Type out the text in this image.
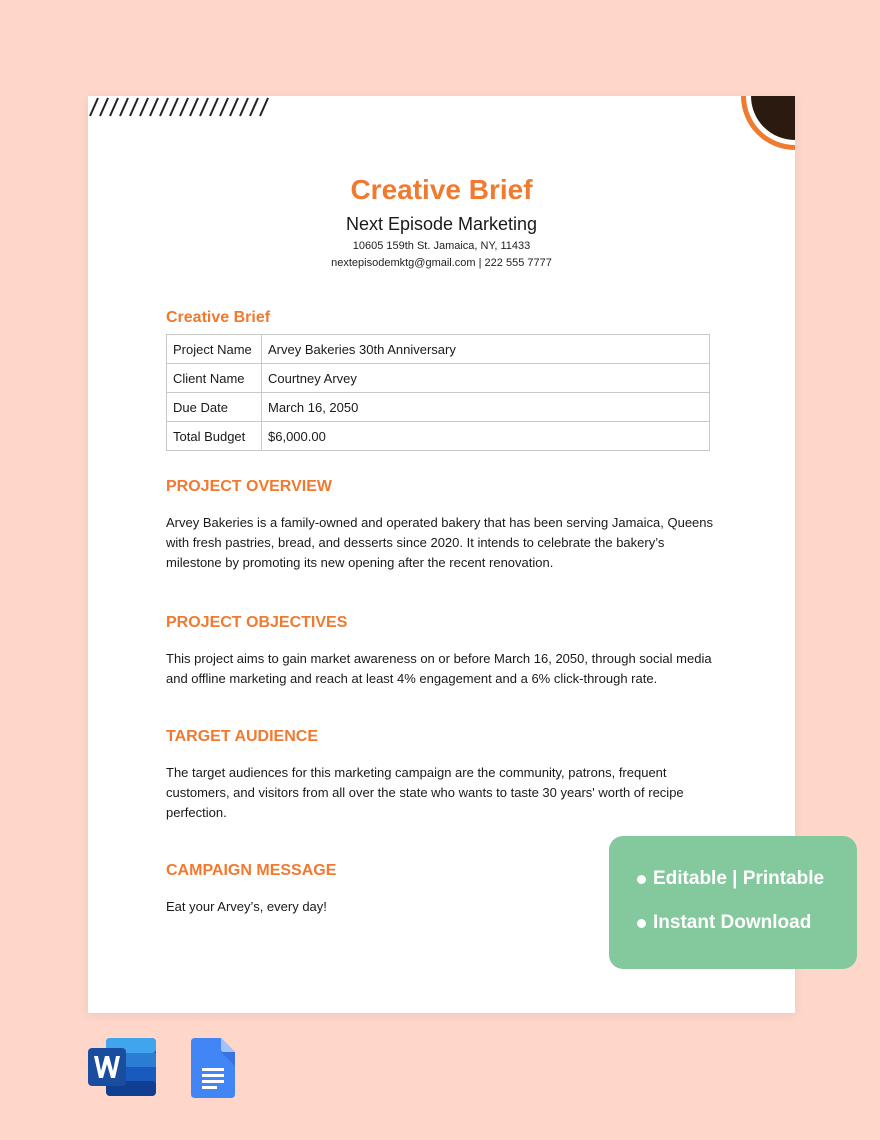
Creative Brief
Next Episode Marketing
10605 159th St. Jamaica, NY, 11433
nextepisodemktg@gmail.com | 222 555 7777
Creative Brief
Project Name	Arvey Bakeries 30th Anniversary
Client Name	Courtney Arvey
Due Date	March 16, 2050
Total Budget	$6,000.00
PROJECT OVERVIEW

Arvey Bakeries is a family-owned and operated bakery that has been serving Jamaica, Queens with fresh pastries, bread, and desserts since 2020. It intends to celebrate the bakery’s milestone by promoting its new opening after the recent renovation.

PROJECT OBJECTIVES

This project aims to gain market awareness on or before March 16, 2050, through social media and offline marketing and reach at least 4% engagement and a 6% click-through rate.

TARGET AUDIENCE

The target audiences for this marketing campaign are the community, patrons, frequent customers, and visitors from all over the state who wants to taste 30 years' worth of recipe perfection.

CAMPAIGN MESSAGE

Eat your Arvey’s, every day!

Editable | Printable
Instant Download
